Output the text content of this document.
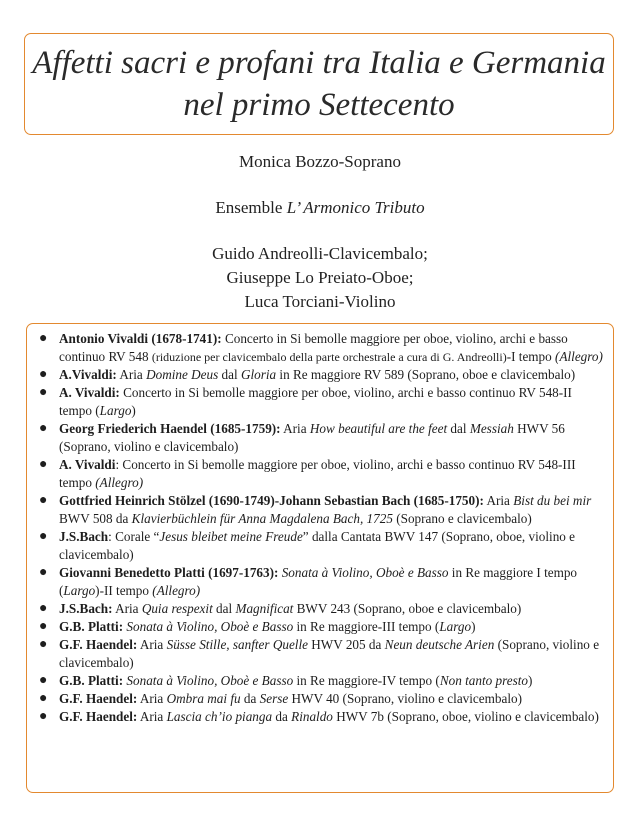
Affetti sacri e profani tra Italia e Germania
nel primo Settecento
Monica Bozzo-Soprano
Ensemble L’ Armonico Tributo
Guido Andreolli-Clavicembalo;
Giuseppe Lo Preiato-Oboe;
Luca Torciani-Violino
● Antonio Vivaldi (1678-1741): Concerto in Si bemolle maggiore per oboe, violino, archi e basso continuo RV 548 (riduzione per clavicembalo della parte orchestrale a cura di G. Andreolli)-I tempo (Allegro)
● A.Vivaldi: Aria Domine Deus dal Gloria in Re maggiore RV 589 (Soprano, oboe e clavicembalo)
● A. Vivaldi: Concerto in Si bemolle maggiore per oboe, violino, archi e basso continuo RV 548-II tempo (Largo)
● Georg Friederich Haendel (1685-1759): Aria How beautiful are the feet dal Messiah HWV 56 (Soprano, violino e clavicembalo)
● A. Vivaldi: Concerto in Si bemolle maggiore per oboe, violino, archi e basso continuo RV 548-III tempo (Allegro)
● Gottfried Heinrich Stölzel (1690-1749)-Johann Sebastian Bach (1685-1750): Aria Bist du bei mir BWV 508 da Klavierbüchlein für Anna Magdalena Bach, 1725 (Soprano e clavicembalo)
● J.S.Bach: Corale “Jesus bleibet meine Freude” dalla Cantata BWV 147 (Soprano, oboe, violino e clavicembalo)
● Giovanni Benedetto Platti (1697-1763): Sonata à Violino, Oboè e Basso in Re maggiore I tempo (Largo)-II tempo (Allegro)
● J.S.Bach: Aria Quia respexit dal Magnificat BWV 243 (Soprano, oboe e clavicembalo)
● G.B. Platti: Sonata à Violino, Oboè e Basso in Re maggiore-III tempo (Largo)
● G.F. Haendel: Aria Süsse Stille, sanfter Quelle HWV 205 da Neun deutsche Arien (Soprano, violino e clavicembalo)
● G.B. Platti: Sonata à Violino, Oboè e Basso in Re maggiore-IV tempo (Non tanto presto)
● G.F. Haendel: Aria Ombra mai fu da Serse HWV 40 (Soprano, violino e clavicembalo)
● G.F. Haendel: Aria Lascia ch’io pianga da Rinaldo HWV 7b (Soprano, oboe, violino e clavicembalo)
